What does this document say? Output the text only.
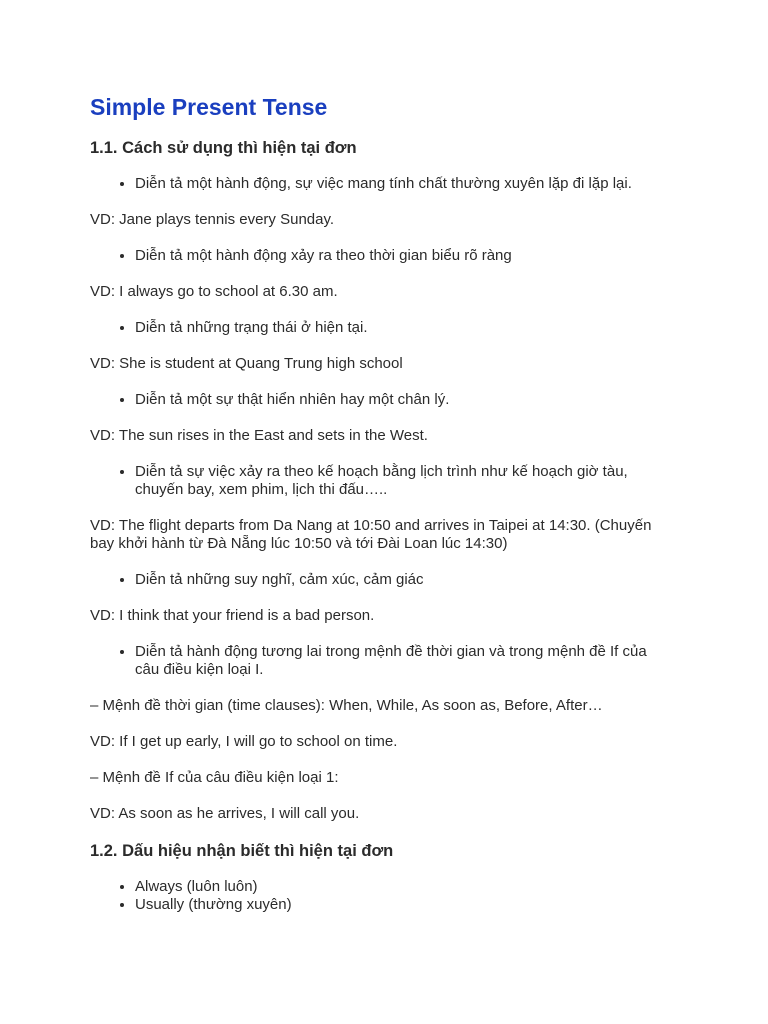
Simple Present Tense
1.1. Cách sử dụng thì hiện tại đơn
• Diễn tả một hành động, sự việc mang tính chất thường xuyên lặp đi lặp lại.

VD: Jane plays tennis every Sunday.

• Diễn tả một hành động xảy ra theo thời gian biểu rõ ràng

VD: I always go to school at 6.30 am.

• Diễn tả những trạng thái ở hiện tại.

VD: She is student at Quang Trung high school

• Diễn tả một sự thật hiển nhiên hay một chân lý.

VD: The sun rises in the East and sets in the West.

• Diễn tả sự việc xảy ra theo kế hoạch bằng lịch trình như kế hoạch giờ tàu, chuyến bay, xem phim, lịch thi đấu…..

VD: The flight departs from Da Nang at 10:50 and arrives in Taipei at 14:30. (Chuyến bay khởi hành từ Đà Nẵng lúc 10:50 và tới Đài Loan lúc 14:30)

• Diễn tả những suy nghĩ, cảm xúc, cảm giác

VD: I think that your friend is a bad person.

• Diễn tả hành động tương lai trong mệnh đề thời gian và trong mệnh đề If của câu điều kiện loại I.

– Mệnh đề thời gian (time clauses): When, While, As soon as, Before, After…

VD: If I get up early, I will go to school on time.

– Mệnh đề If của câu điều kiện loại 1:

VD: As soon as he arrives, I will call you.

1.2. Dấu hiệu nhận biết thì hiện tại đơn
• Always (luôn luôn)
• Usually (thường xuyên)
